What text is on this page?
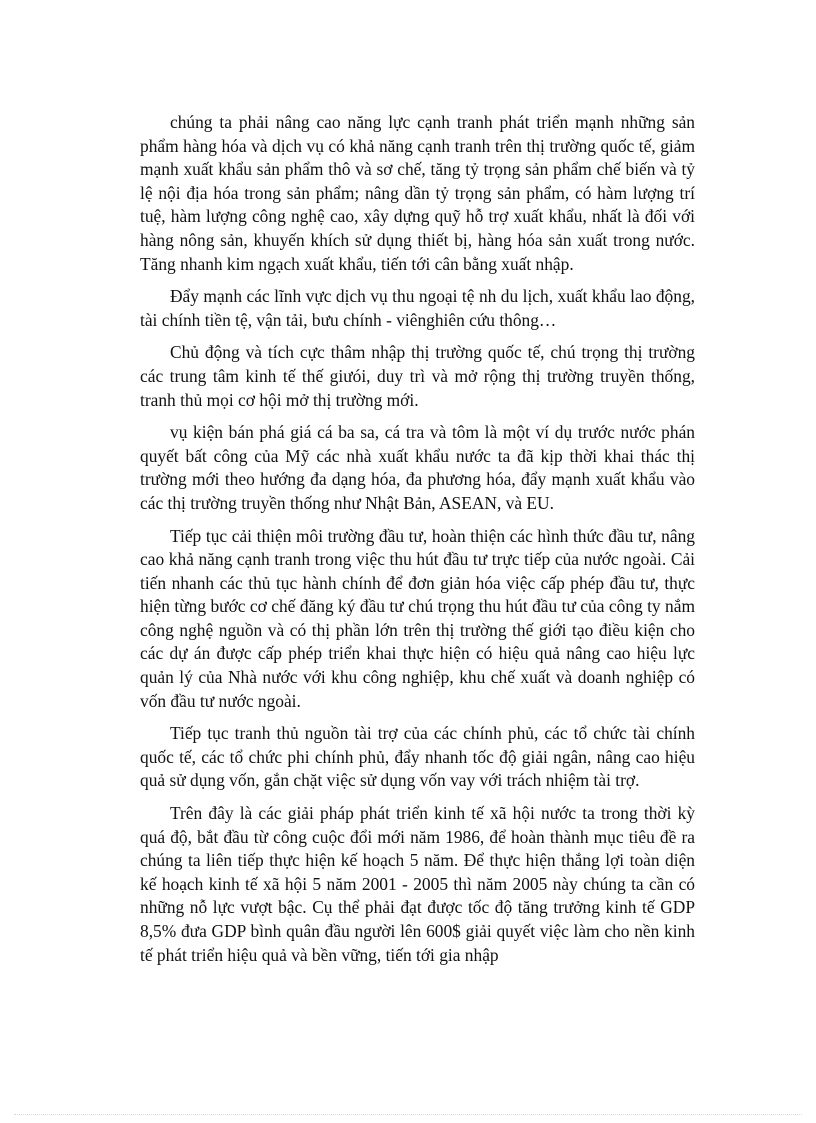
chúng ta phải nâng cao năng lực cạnh tranh phát triển mạnh những sản phẩm hàng hóa và dịch vụ có khả năng cạnh tranh trên thị trường quốc tế, giảm mạnh xuất khẩu sản phẩm thô và sơ chế, tăng tỷ trọng sản phẩm chế biến và tỷ lệ nội địa hóa trong sản phẩm; nâng dần tỷ trọng sản phẩm, có hàm lượng trí tuệ, hàm lượng công nghệ cao, xây dựng quỹ hỗ trợ xuất khẩu, nhất là đối với hàng nông sản, khuyến khích sử dụng thiết bị, hàng hóa sản xuất trong nước. Tăng nhanh kim ngạch xuất khẩu, tiến tới cân bằng xuất nhập.

Đẩy mạnh các lĩnh vực dịch vụ thu ngoại tệ nh du lịch, xuất khẩu lao động, tài chính tiền tệ, vận tải, bưu chính - viênghiên cứu thông…

Chủ động và tích cực thâm nhập thị trường quốc tế, chú trọng thị trường các trung tâm kinh tế thế giưói, duy trì và mở rộng thị trường truyền thống, tranh thủ mọi cơ hội mở thị trường mới.

vụ kiện bán phá giá cá ba sa, cá tra và tôm là một ví dụ trước nước phán quyết bất công của Mỹ các nhà xuất khẩu nước ta đã kịp thời khai thác thị trường mới theo hướng đa dạng hóa, đa phương hóa, đẩy mạnh xuất khẩu vào các thị trường truyền thống như Nhật Bản, ASEAN, và EU.

Tiếp tục cải thiện môi trường đầu tư, hoàn thiện các hình thức đầu tư, nâng cao khả năng cạnh tranh trong việc thu hút đầu tư trực tiếp của nước ngoài. Cải tiến nhanh các thủ tục hành chính để đơn giản hóa việc cấp phép đầu tư, thực hiện từng bước cơ chế đăng ký đầu tư chú trọng thu hút đầu tư của công ty nắm công nghệ nguồn và có thị phần lớn trên thị trường thế giới tạo điều kiện cho các dự án được cấp phép triển khai thực hiện có hiệu quả nâng cao hiệu lực quản lý của Nhà nước với khu công nghiệp, khu chế xuất và doanh nghiệp có vốn đầu tư nước ngoài.

Tiếp tục tranh thủ nguồn tài trợ của các chính phủ, các tổ chức tài chính quốc tế, các tổ chức phi chính phủ, đẩy nhanh tốc độ giải ngân, nâng cao hiệu quả sử dụng vốn, gắn chặt việc sử dụng vốn vay với trách nhiệm tài trợ.

Trên đây là các giải pháp phát triển kinh tế xã hội nước ta trong thời kỳ quá độ, bắt đầu từ công cuộc đổi mới năm 1986, để hoàn thành mục tiêu đề ra chúng ta liên tiếp thực hiện kế hoạch 5 năm. Để thực hiện thắng lợi toàn diện kế hoạch kinh tế xã hội 5 năm 2001 - 2005 thì năm 2005 này chúng ta cần có những nỗ lực vượt bậc. Cụ thể phải đạt được tốc độ tăng trưởng kinh tế GDP 8,5% đưa GDP bình quân đầu người lên 600$ giải quyết việc làm cho nền kinh tế phát triển hiệu quả và bền vững, tiến tới gia nhập
